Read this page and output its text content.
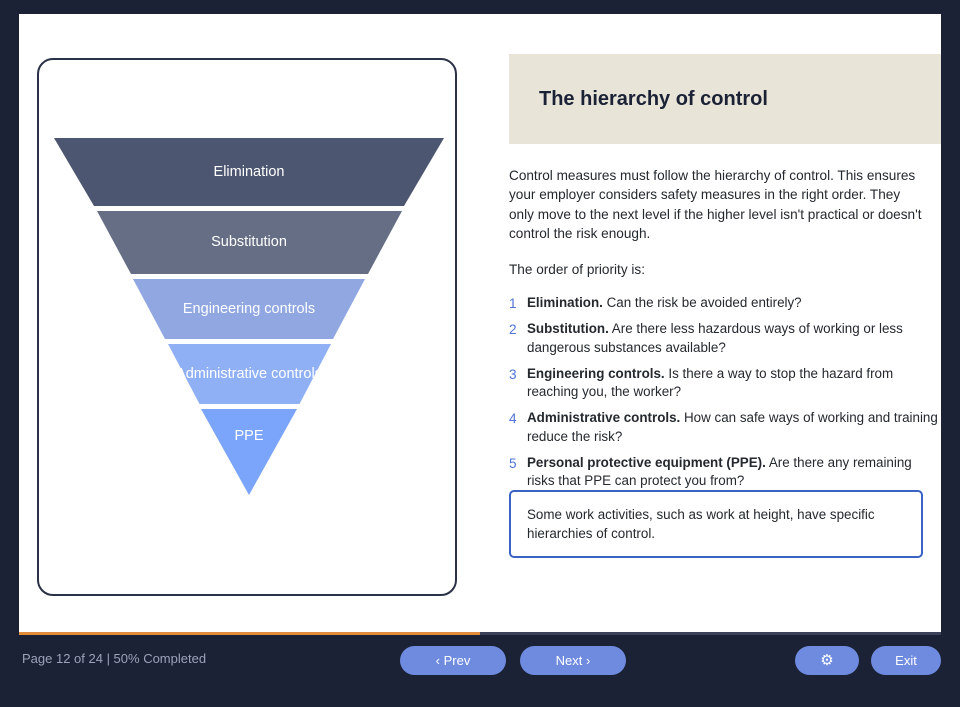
Elimination
Substitution
Engineering controls
Administrative controls
PPE
The hierarchy of control
Control measures must follow the hierarchy of control. This ensures your employer considers safety measures in the right order. They only move to the next level if the higher level isn't practical or doesn't control the risk enough.
The order of priority is:
1 Elimination. Can the risk be avoided entirely?
2 Substitution. Are there less hazardous ways of working or less dangerous substances available?
3 Engineering controls. Is there a way to stop the hazard from reaching you, the worker?
4 Administrative controls. How can safe ways of working and training reduce the risk?
5 Personal protective equipment (PPE). Are there any remaining risks that PPE can protect you from?
Some work activities, such as work at height, have specific hierarchies of control.
Page 12 of 24 | 50% Completed	‹
Prev	Next
›	⚙	Exit
